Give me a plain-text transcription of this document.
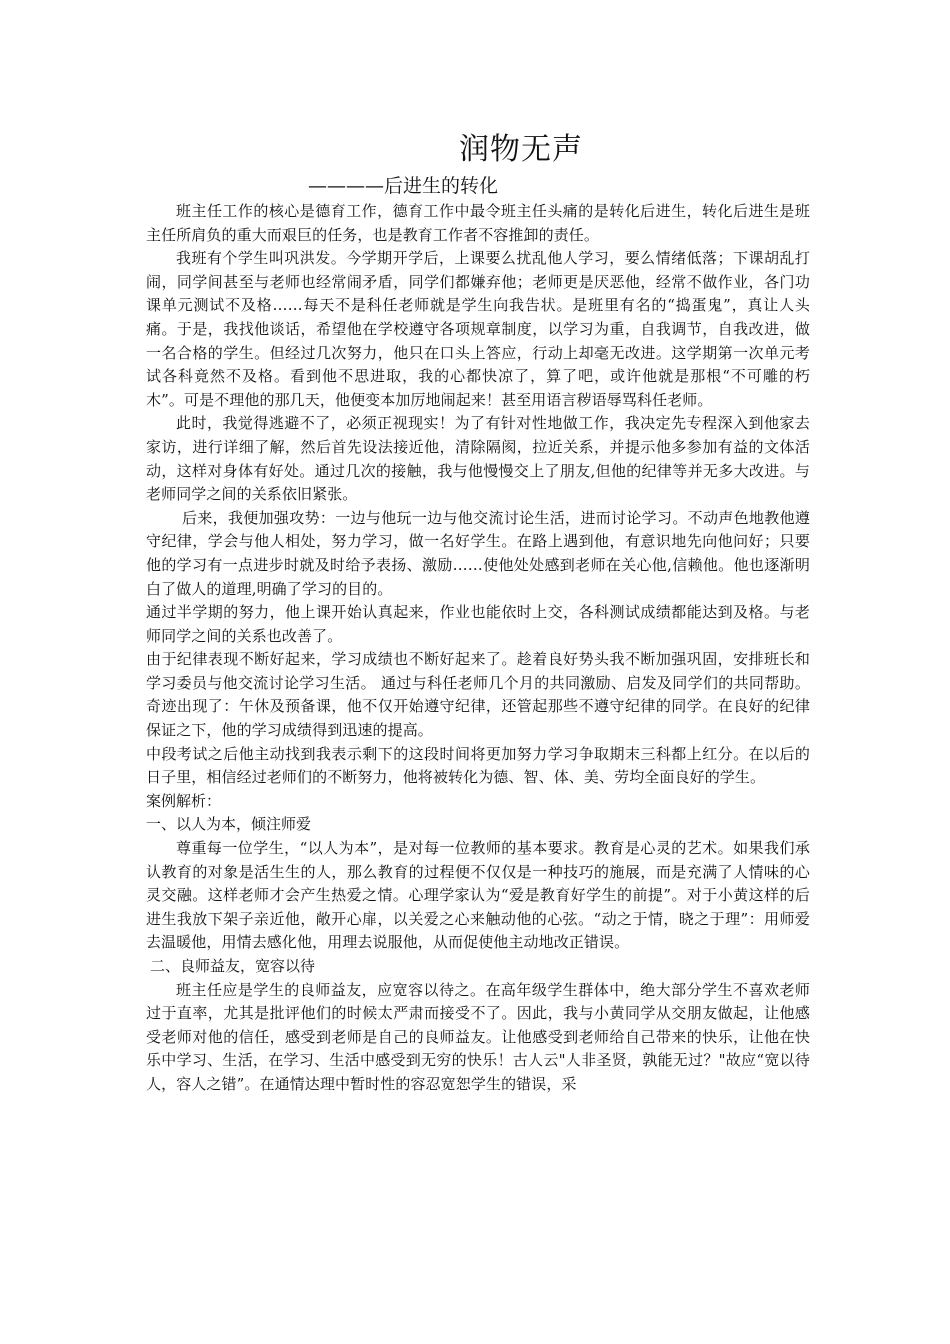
润物无声
————后进生的转化

班主任工作的核心是德育工作，德育工作中最令班主任头痛的是转化后进生，转化后进生是班主任所肩负的重大而艰巨的任务，也是教育工作者不容推卸的责任。

我班有个学生叫巩洪发。今学期开学后，上课要么扰乱他人学习，要么情绪低落；下课胡乱打闹，同学间甚至与老师也经常闹矛盾，同学们都嫌弃他；老师更是厌恶他，经常不做作业，各门功课单元测试不及格……每天不是科任老师就是学生向我告状。是班里有名的“捣蛋鬼”，真让人头痛。于是，我找他谈话，希望他在学校遵守各项规章制度，以学习为重，自我调节，自我改进，做一名合格的学生。但经过几次努力，他只在口头上答应，行动上却毫无改进。这学期第一次单元考试各科竟然不及格。看到他不思进取，我的心都快凉了，算了吧，或许他就是那根“不可雕的朽木”。可是不理他的那几天，他便变本加厉地闹起来！甚至用语言秽语辱骂科任老师。

此时，我觉得逃避不了，必须正视现实！为了有针对性地做工作，我决定先专程深入到他家去家访，进行详细了解，然后首先设法接近他，清除隔阂，拉近关系，并提示他多参加有益的文体活动，这样对身体有好处。通过几次的接触，我与他慢慢交上了朋友,但他的纪律等并无多大改进。与老师同学之间的关系依旧紧张。

后来，我便加强攻势：一边与他玩一边与他交流讨论生活，进而讨论学习。不动声色地教他遵守纪律，学会与他人相处，努力学习，做一名好学生。在路上遇到他，有意识地先向他问好；只要他的学习有一点进步时就及时给予表扬、激励……使他处处感到老师在关心他,信赖他。他也逐渐明白了做人的道理,明确了学习的目的。

通过半学期的努力，他上课开始认真起来，作业也能依时上交，各科测试成绩都能达到及格。与老师同学之间的关系也改善了。

由于纪律表现不断好起来，学习成绩也不断好起来了。趁着良好势头我不断加强巩固，安排班长和学习委员与他交流讨论学习生活。 通过与科任老师几个月的共同激励、启发及同学们的共同帮助。奇迹出现了：午休及预备课，他不仅开始遵守纪律，还管起那些不遵守纪律的同学。在良好的纪律保证之下，他的学习成绩得到迅速的提高。

中段考试之后他主动找到我表示剩下的这段时间将更加努力学习争取期末三科都上红分。在以后的日子里，相信经过老师们的不断努力，他将被转化为德、智、体、美、劳均全面良好的学生。

案例解析：

一、以人为本，倾注师爱

尊重每一位学生，“以人为本”，是对每一位教师的基本要求。教育是心灵的艺术。如果我们承认教育的对象是活生生的人，那么教育的过程便不仅仅是一种技巧的施展，而是充满了人情味的心灵交融。这样老师才会产生热爱之情。心理学家认为“爱是教育好学生的前提”。对于小黄这样的后进生我放下架子亲近他，敞开心扉，以关爱之心来触动他的心弦。“动之于情，晓之于理”：用师爱去温暖他，用情去感化他，用理去说服他，从而促使他主动地改正错误。

二、良师益友，宽容以待

班主任应是学生的良师益友，应宽容以待之。在高年级学生群体中，绝大部分学生不喜欢老师过于直率，尤其是批评他们的时候太严肃而接受不了。因此，我与小黄同学从交朋友做起，让他感受老师对他的信任，感受到老师是自己的良师益友。让他感受到老师给自己带来的快乐，让他在快乐中学习、生活，在学习、生活中感受到无穷的快乐！古人云"人非圣贤，孰能无过？"故应“宽以待人，容人之错”。在通情达理中暂时性的容忍宽恕学生的错误，采
